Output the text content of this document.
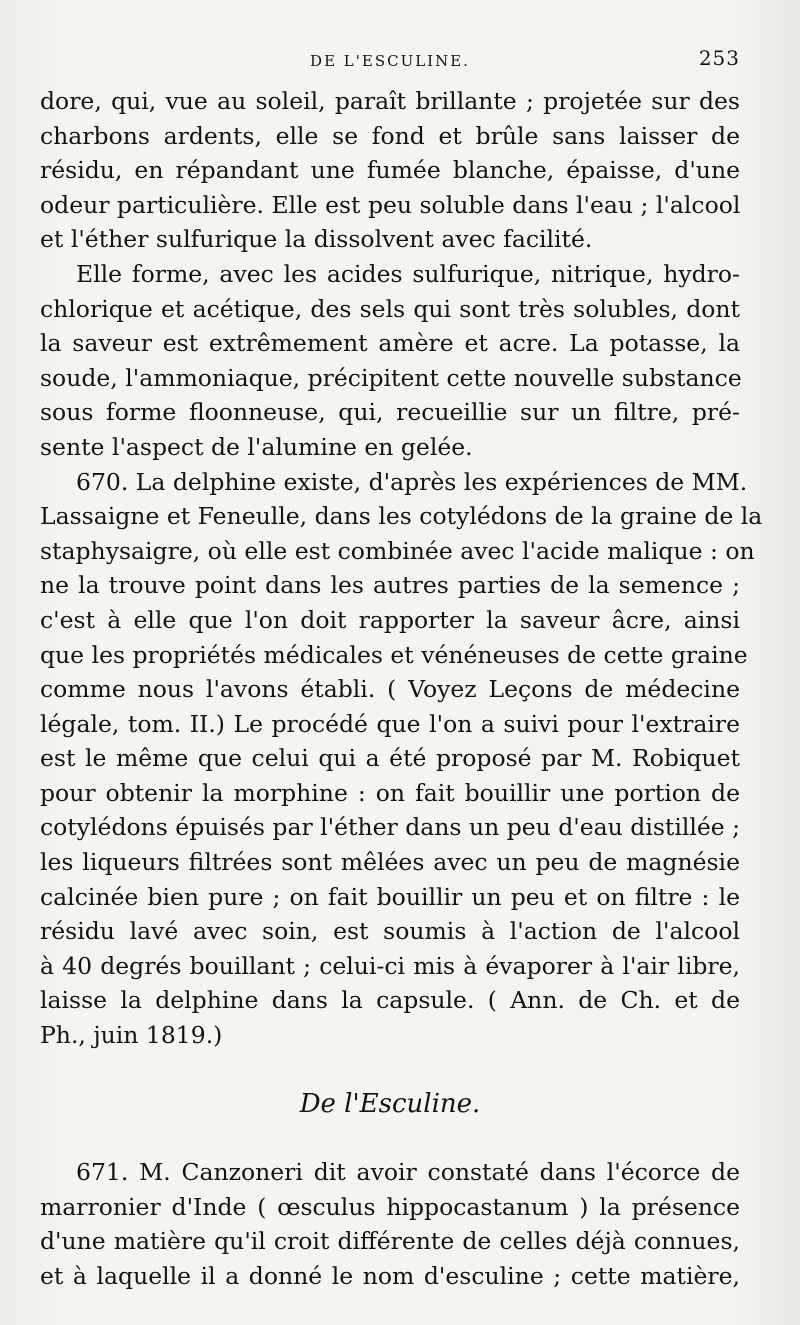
DE L'ESCULINE.	253

dore, qui, vue au soleil, paraît brillante ; projetée sur des
charbons ardents, elle se fond et brûle sans laisser de
résidu, en répandant une fumée blanche, épaisse, d'une
odeur particulière. Elle est peu soluble dans l'eau ; l'alcool
et l'éther sulfurique la dissolvent avec facilité.

Elle forme, avec les acides sulfurique, nitrique, hydro-

chlorique et acétique, des sels qui sont très solubles, dont
la saveur est extrêmement amère et acre. La potasse, la
soude, l'ammoniaque, précipitent cette nouvelle substance
sous forme floonneuse, qui, recueillie sur un filtre, pré-
sente l'aspect de l'alumine en gelée.

670. La delphine existe, d'après les expériences de MM.

Lassaigne et Feneulle, dans les cotylédons de la graine de la
staphysaigre, où elle est combinée avec l'acide malique : on
ne la trouve point dans les autres parties de la semence ;
c'est à elle que l'on doit rapporter la saveur âcre, ainsi
que les propriétés médicales et vénéneuses de cette graine
comme nous l'avons établi. ( Voyez Leçons de médecine
légale, tom. II.) Le procédé que l'on a suivi pour l'extraire
est le même que celui qui a été proposé par M. Robiquet
pour obtenir la morphine : on fait bouillir une portion de
cotylédons épuisés par l'éther dans un peu d'eau distillée ;
les liqueurs filtrées sont mêlées avec un peu de magnésie
calcinée bien pure ; on fait bouillir un peu et on filtre : le
résidu lavé avec soin, est soumis à l'action de l'alcool
à 40 degrés bouillant ; celui-ci mis à évaporer à l'air libre,
laisse la delphine dans la capsule. ( Ann. de Ch. et de
Ph., juin 1819.)

De l'Esculine.

671. M. Canzoneri dit avoir constaté dans l'écorce de

marronier d'Inde ( œsculus hippocastanum ) la présence
d'une matière qu'il croit différente de celles déjà connues,
et à laquelle il a donné le nom d'esculine ; cette matière,
